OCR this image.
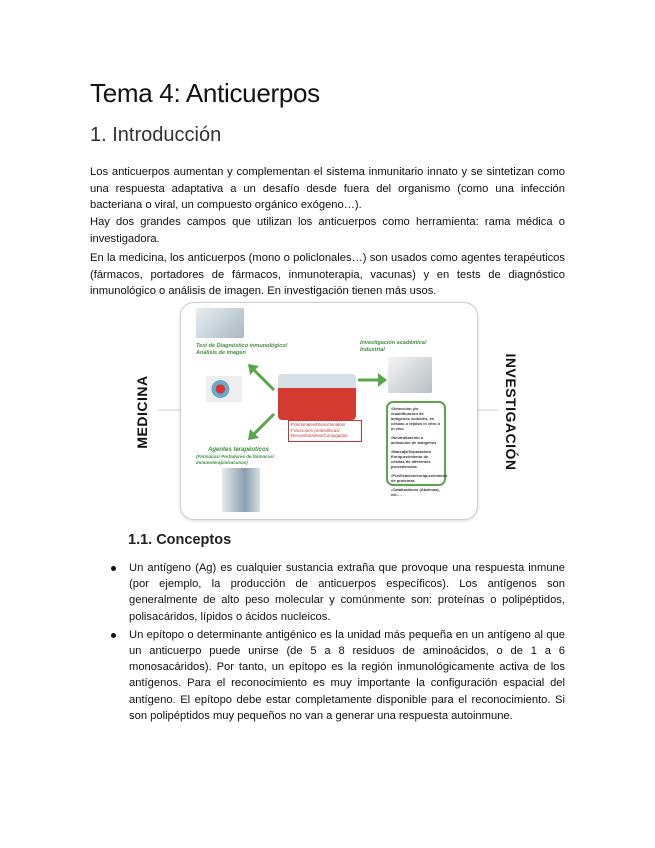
Tema 4: Anticuerpos
1. Introducción

Los anticuerpos aumentan y complementan el sistema inmunitario innato y se sintetizan como una respuesta adaptativa a un desafío desde fuera del organismo (como una infección bacteriana o viral, un compuesto orgánico exógeno…).

Hay dos grandes campos que utilizan los anticuerpos como herramienta: rama médica o investigadora.

En la medicina, los anticuerpos (mono o policlonales…) son usados como agentes terapéuticos (fármacos, portadores de fármacos, inmunoterapia, vacunas) y en tests de diagnóstico inmunológico o análisis de imagen. En investigación tienen más usos.

MEDICINA	INVESTIGACIÓN
Test de Diagnóstico inmunológico/ Análisis de imagen
Policlonales/Monoclonales/ Fracciones proteolíticas/ Recombinantes/Conjugados
Investigación académica/ Industrial
•Detección y/o cuantificación de antígenos solubles, en células o tejidos in vitro o in vivo
•Neutralización o activación de antígenos
•Marcaje/Separación/ Enriquecimiento de células de diferentes procedencias
•Purificación/enriquecimiento de proteínas
•Catalizadores (Abzimas), etc….
Agentes terapéuticos
(Fármacos/ Portadores de fármacos/ Inmunoterapia/vacunas)
1.1. Conceptos
Un antígeno (Ag) es cualquier sustancia extraña que provoque una respuesta inmune (por ejemplo, la producción de anticuerpos específicos). Los antígenos son generalmente de alto peso molecular y comúnmente son: proteínas o polipéptidos, polisacáridos, lípidos o ácidos nucleicos.
Un epítopo o determinante antigénico es la unidad más pequeña en un antígeno al que un anticuerpo puede unirse (de 5 a 8 residuos de aminoácidos, o de 1 a 6 monosacáridos). Por tanto, un epítopo es la región inmunológicamente activa de los antígenos. Para el reconocimiento es muy importante la configuración espacial del antígeno. El epítopo debe estar completamente disponible para el reconocimiento. Si son polipéptidos muy pequeños no van a generar una respuesta autoinmune.
